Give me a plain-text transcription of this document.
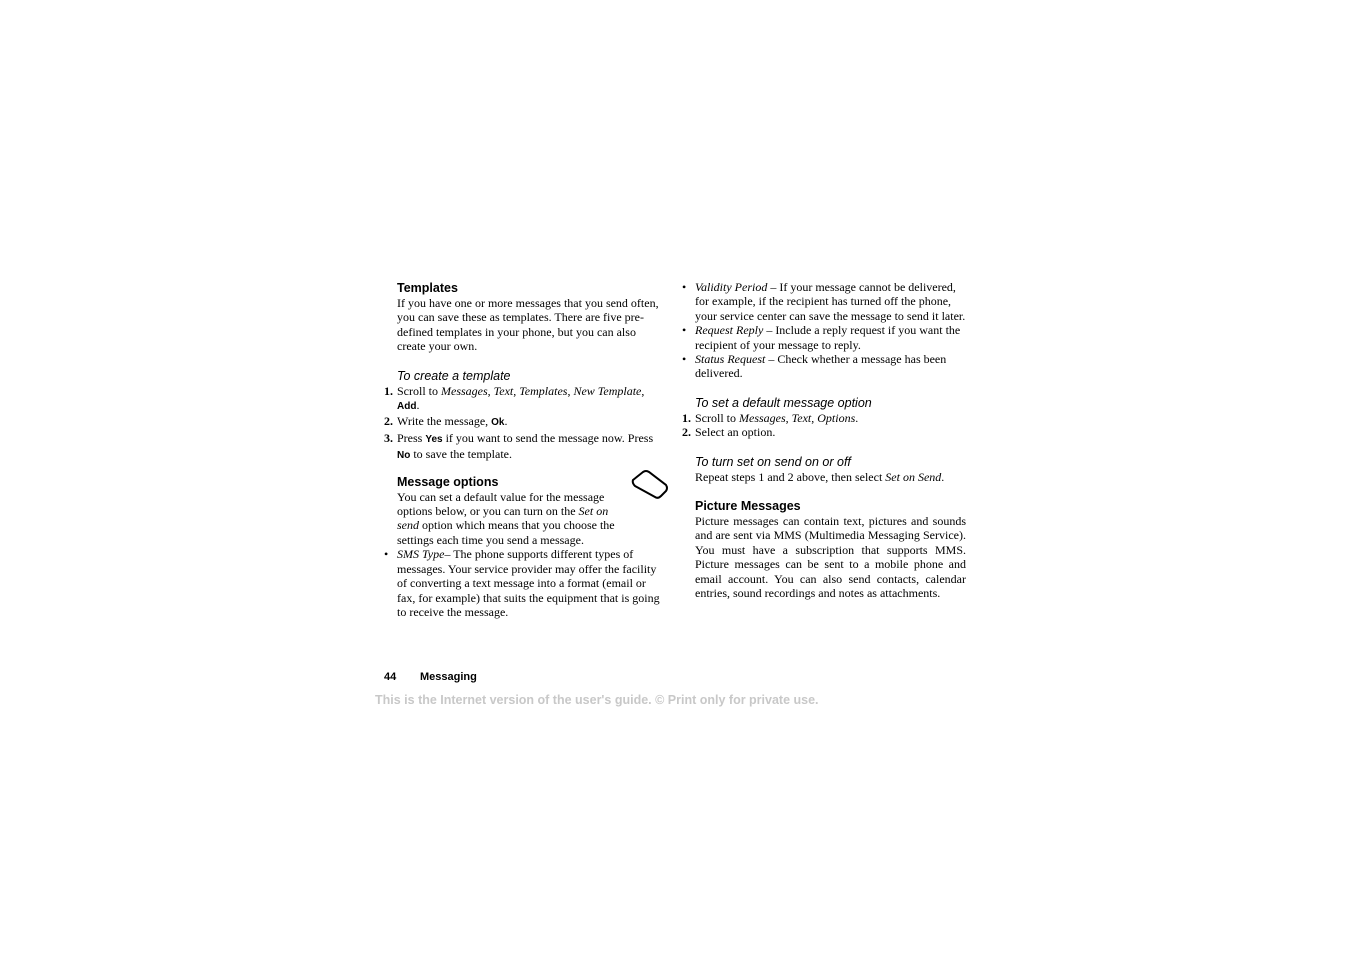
Templates
If you have one or more messages that you send often, you can save these as templates. There are five pre-defined templates in your phone, but you can also create your own.
To create a template
1. Scroll to Messages, Text, Templates, New Template,
Add.
2. Write the message, Ok.
3. Press Yes if you want to send the message now. Press No to save the template.
Message options
You can set a default value for the message options below, or you can turn on the Set on send option which means that you choose the settings each time you send a message.
• SMS Type– The phone supports different types of messages. Your service provider may offer the facility of converting a text message into a format (email or fax, for example) that suits the equipment that is going to receive the message.
• Validity Period – If your message cannot be delivered, for example, if the recipient has turned off the phone, your service center can save the message to send it later.
• Request Reply – Include a reply request if you want the recipient of your message to reply.
• Status Request – Check whether a message has been delivered.
To set a default message option
1. Scroll to Messages, Text, Options.
2. Select an option.
To turn set on send on or off
Repeat steps 1 and 2 above, then select Set on Send.
Picture Messages
Picture messages can contain text, pictures and sounds and are sent via MMS (Multimedia Messaging Service). You must have a subscription that supports MMS. Picture messages can be sent to a mobile phone and email account. You can also send contacts, calendar entries, sound recordings and notes as attachments.
44 Messaging
This is the Internet version of the user's guide. © Print only for private use.
